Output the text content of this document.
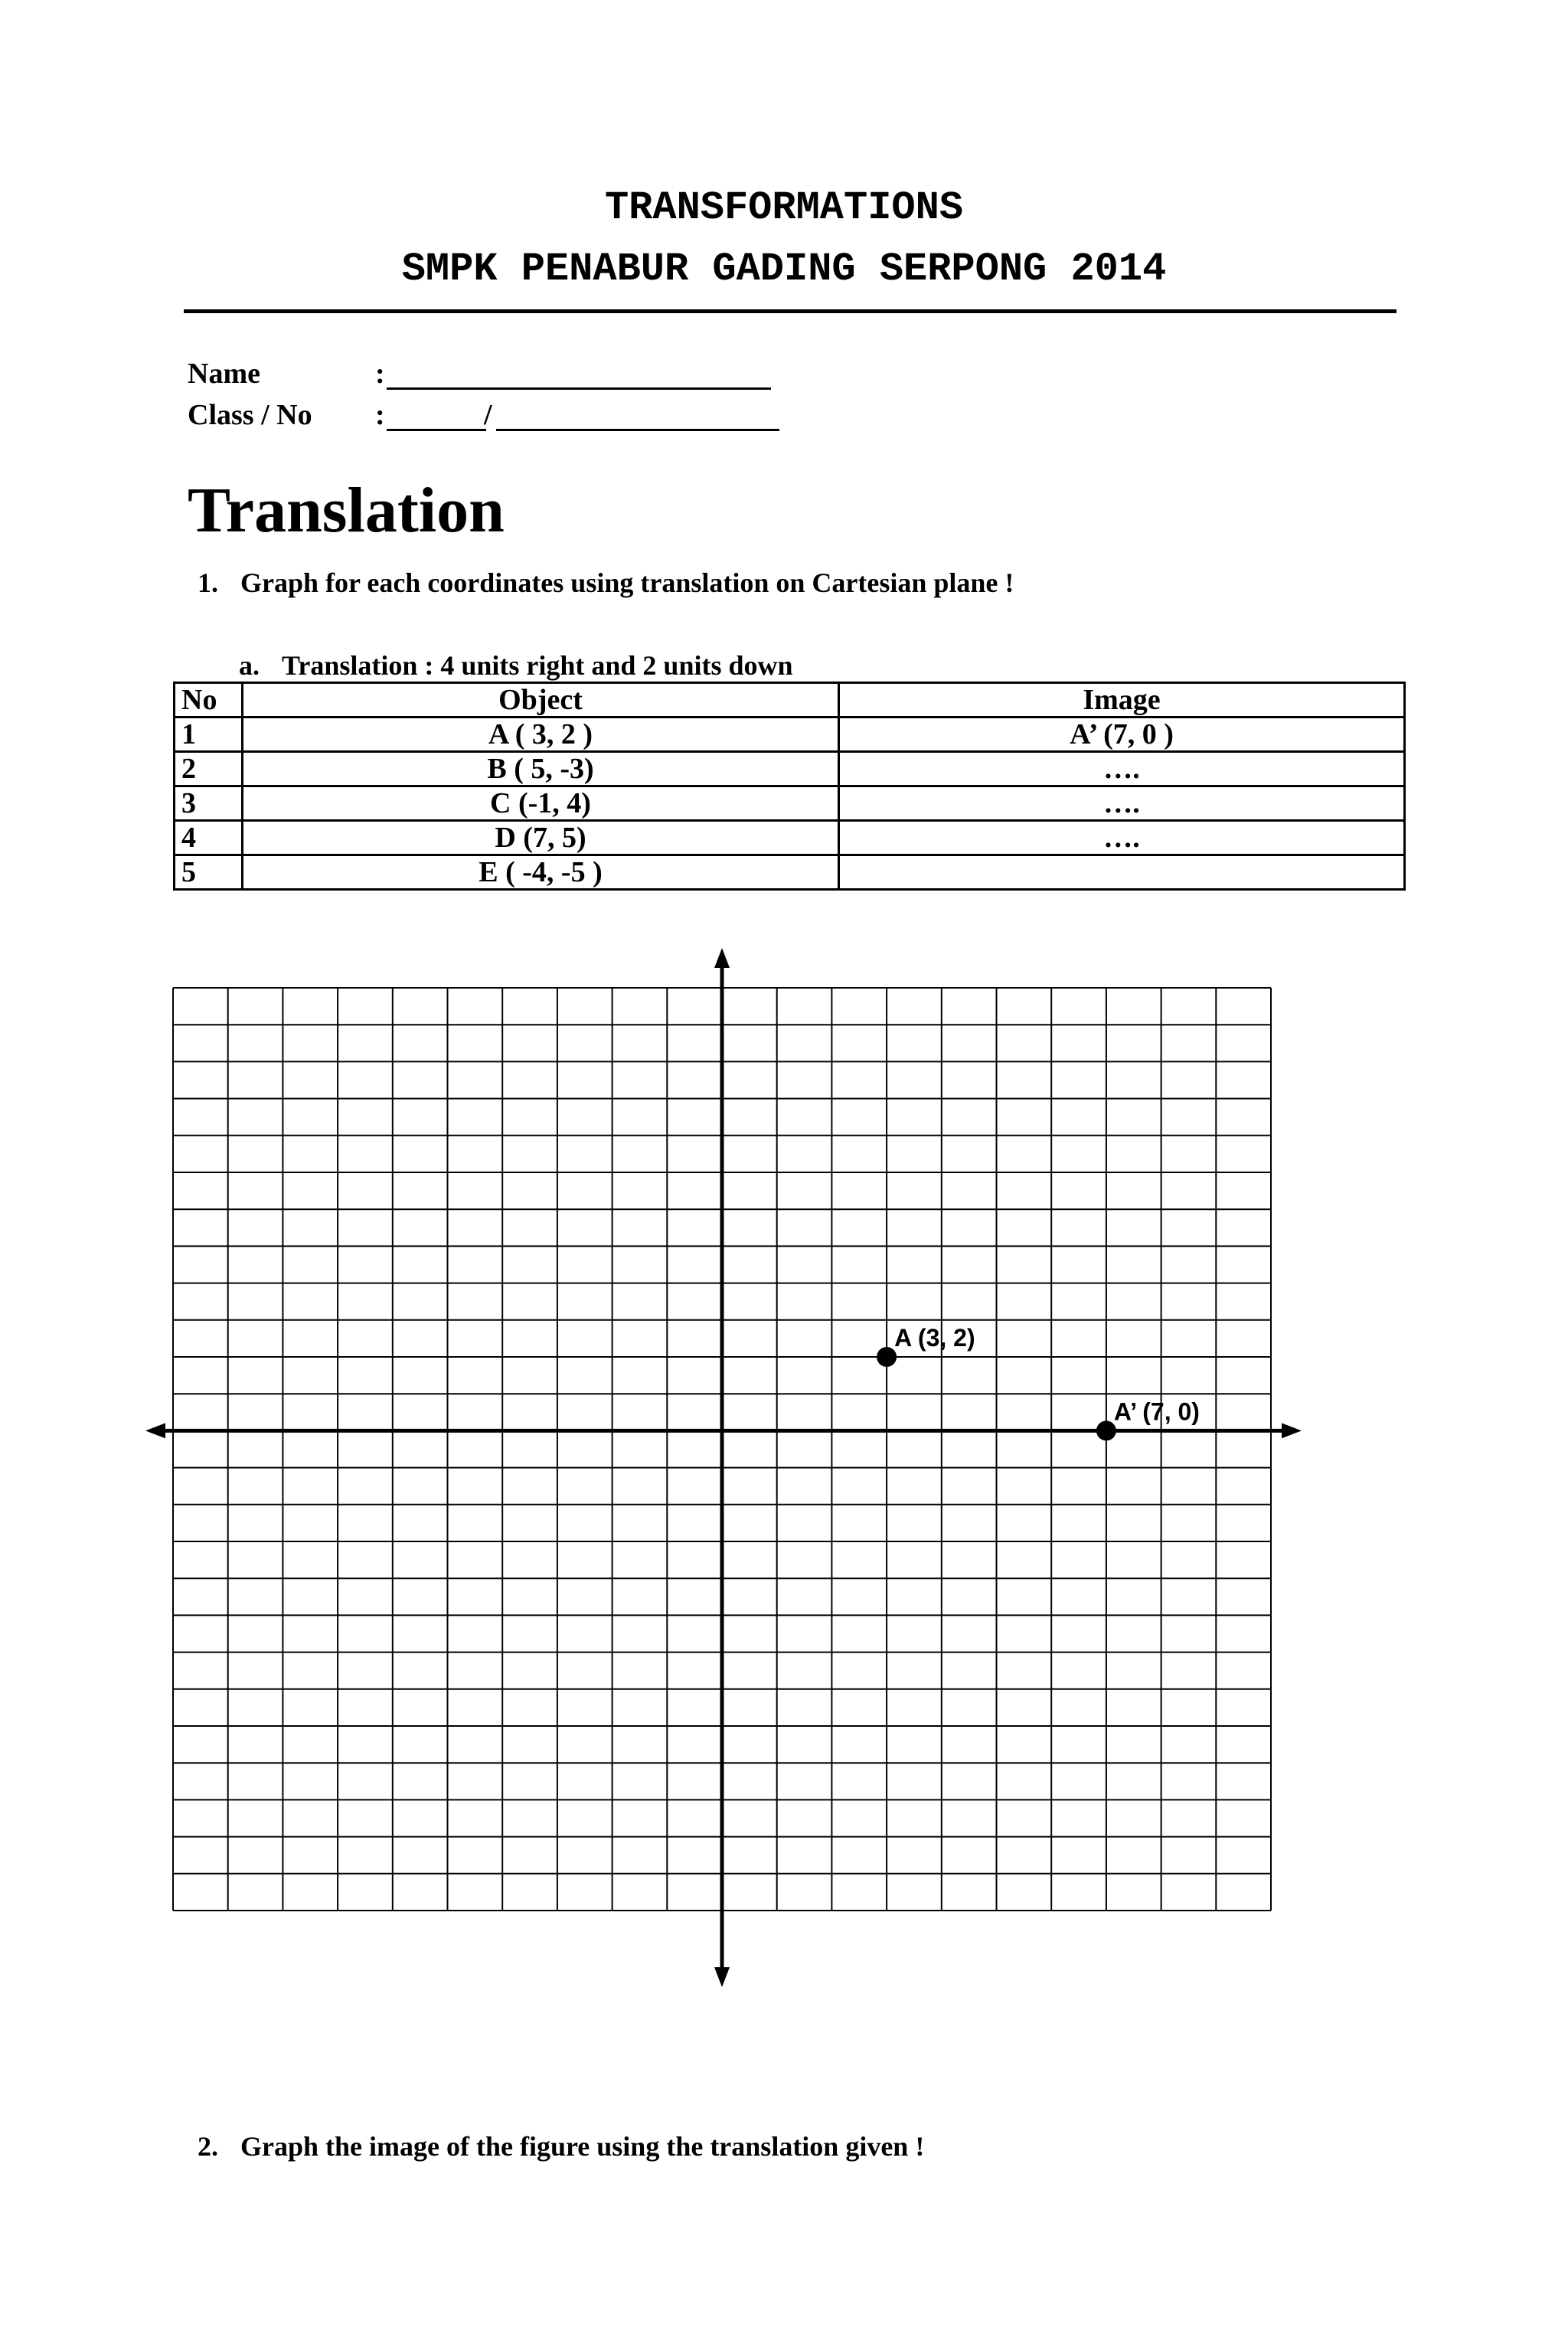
TRANSFORMATIONS
SMPK PENABUR GADING SERPONG 2014
Name	:
Class / No :	/
Translation
1. Graph for each coordinates using translation on Cartesian plane !
a. Translation : 4 units right and 2 units down
No	Object	Image
1	A ( 3, 2 )	A’ (7, 0 )
2	B ( 5, -3)	….
3	C (-1, 4)	….
4	D (7, 5)	….
5	E ( -4, -5 )	
A (3, 2)
A’ (7, 0)
2. Graph the image of the figure using the translation given !
